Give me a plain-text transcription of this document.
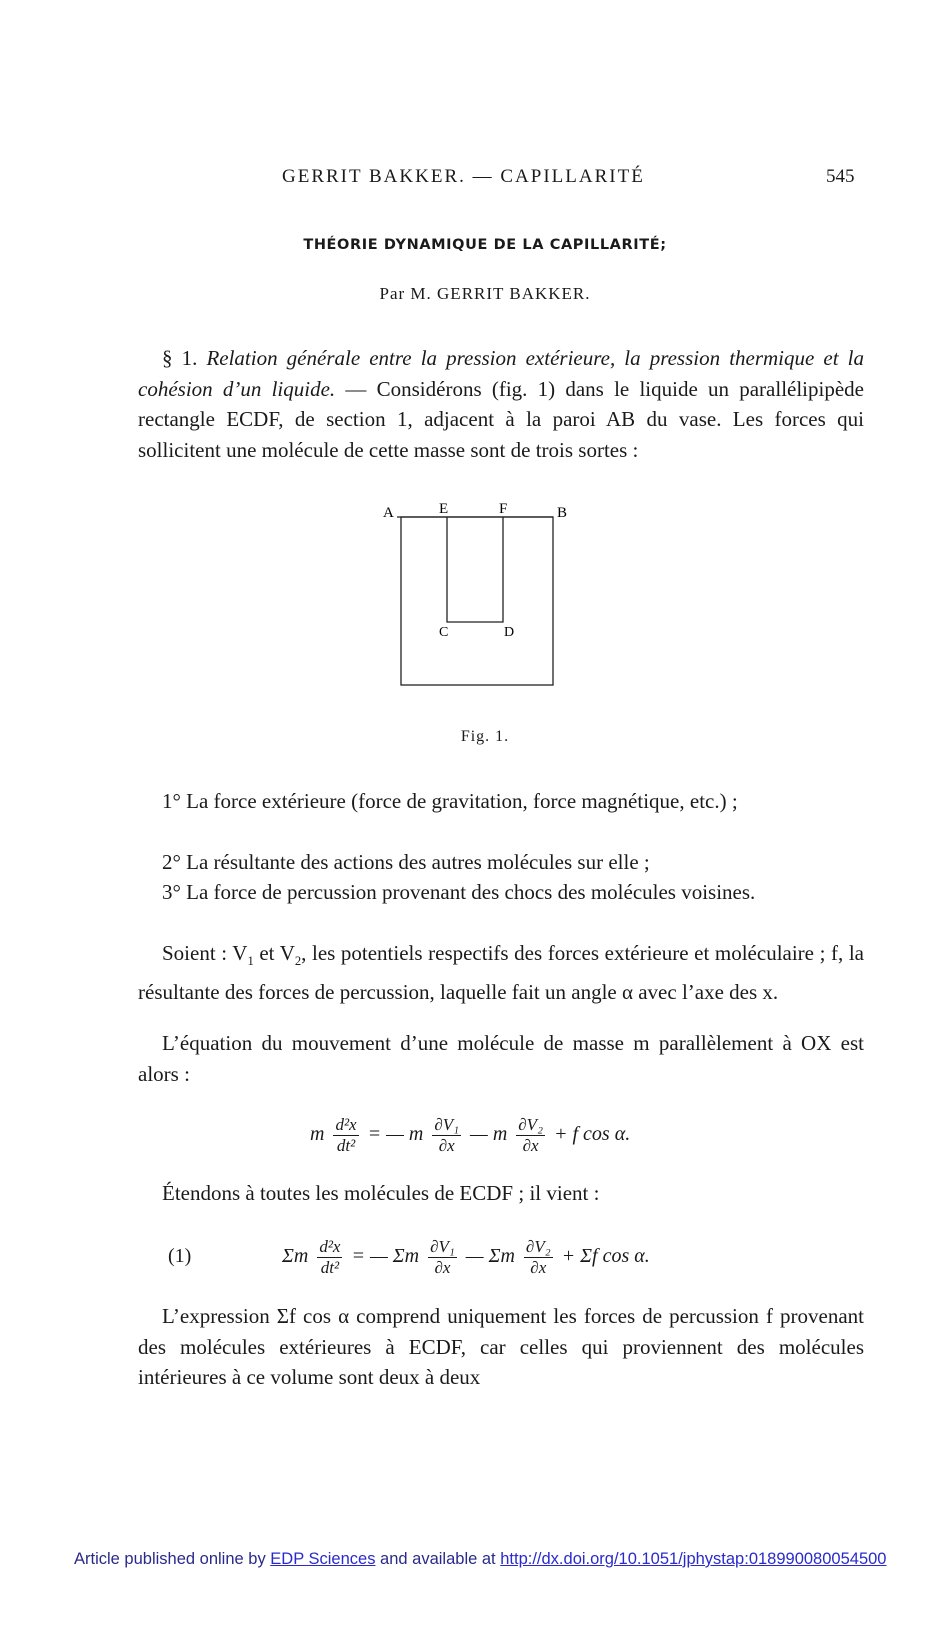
GERRIT BAKKER. — CAPILLARITÉ	545
THÉORIE DYNAMIQUE DE LA CAPILLARITÉ;
Par M. GERRIT BAKKER.
§ 1. Relation générale entre la pression extérieure, la pression thermique et la cohésion d’un liquide. — Considérons (fig. 1) dans le liquide un parallélipipède rectangle ECDF, de section 1, adjacent à la paroi AB du vase. Les forces qui sollicitent une molécule de cette masse sont de trois sortes :
A	E	F	B
C	D
Fig. 1.
1° La force extérieure (force de gravitation, force magnétique, etc.) ;
2° La résultante des actions des autres molécules sur elle ;
3° La force de percussion provenant des chocs des molécules voisines.
Soient : $V_1$ et $V_2$, les potentiels respectifs des forces extérieure et moléculaire ; f, la résultante des forces de percussion, laquelle fait un angle α avec l’axe des x.
L’équation du mouvement d’une molécule de masse m parallèlement à OX est alors :
m $\frac{\text{d²x}}{\text{dt²}}$ = — m $\frac{\text{∂V₁}}{\partial x}$ — m $\frac{\text{∂V₂}}{\partial x} + f$ cos α.
Étendons à toutes les molécules de ECDF ; il vient :
(1)	Σm $\frac{\text{d²x}}{\text{dt²}}$ = — Σm $\frac{\text{∂V₁}}{\partial x}$ — Σm $\frac{\text{∂V₂}}{\partial x} + \Sigma f$ cos α.
L’expression Σf cos α comprend uniquement les forces de percussion f provenant des molécules extérieures à ECDF, car celles qui proviennent des molécules intérieures à ce volume sont deux à deux
Article published online by EDP Sciences and available at http://dx.doi.org/10.1051/jphystap:018990080054500
